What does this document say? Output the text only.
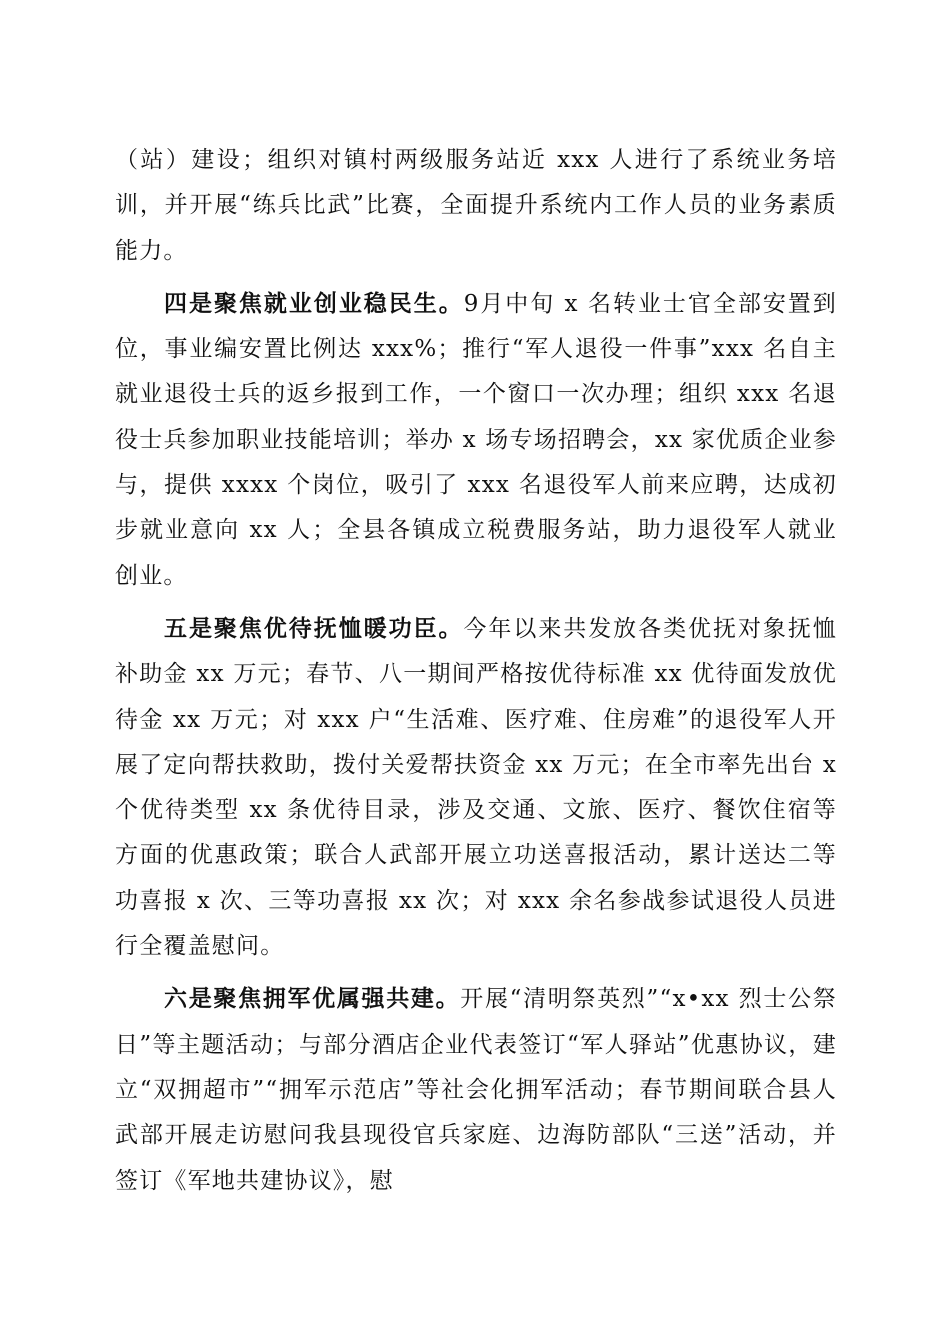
（站）建设；组织对镇村两级服务站近 xxx 人进行了系统业务培训，并开展“练兵比武”比赛，全面提升系统内工作人员的业务素质能力。

四是聚焦就业创业稳民生。9月中旬 x 名转业士官全部安置到位，事业编安置比例达 xxx%；推行“军人退役一件事”xxx 名自主就业退役士兵的返乡报到工作，一个窗口一次办理；组织 xxx 名退役士兵参加职业技能培训；举办 x 场专场招聘会，xx 家优质企业参与，提供 xxxx 个岗位，吸引了 xxx 名退役军人前来应聘，达成初步就业意向 xx 人；全县各镇成立税费服务站，助力退役军人就业创业。

五是聚焦优待抚恤暖功臣。今年以来共发放各类优抚对象抚恤补助金 xx 万元；春节、八一期间严格按优待标准 xx 优待面发放优待金 xx 万元；对 xxx 户“生活难、医疗难、住房难”的退役军人开展了定向帮扶救助，拨付关爱帮扶资金 xx 万元；在全市率先出台 x 个优待类型 xx 条优待目录，涉及交通、文旅、医疗、餐饮住宿等方面的优惠政策；联合人武部开展立功送喜报活动，累计送达二等功喜报 x 次、三等功喜报 xx 次；对 xxx 余名参战参试退役人员进行全覆盖慰问。

六是聚焦拥军优属强共建。开展“清明祭英烈”“x•xx 烈士公祭日”等主题活动；与部分酒店企业代表签订“军人驿站”优惠协议，建立“双拥超市”“拥军示范店”等社会化拥军活动；春节期间联合县人武部开展走访慰问我县现役官兵家庭、边海防部队“三送”活动，并签订《军地共建协议》，慰
